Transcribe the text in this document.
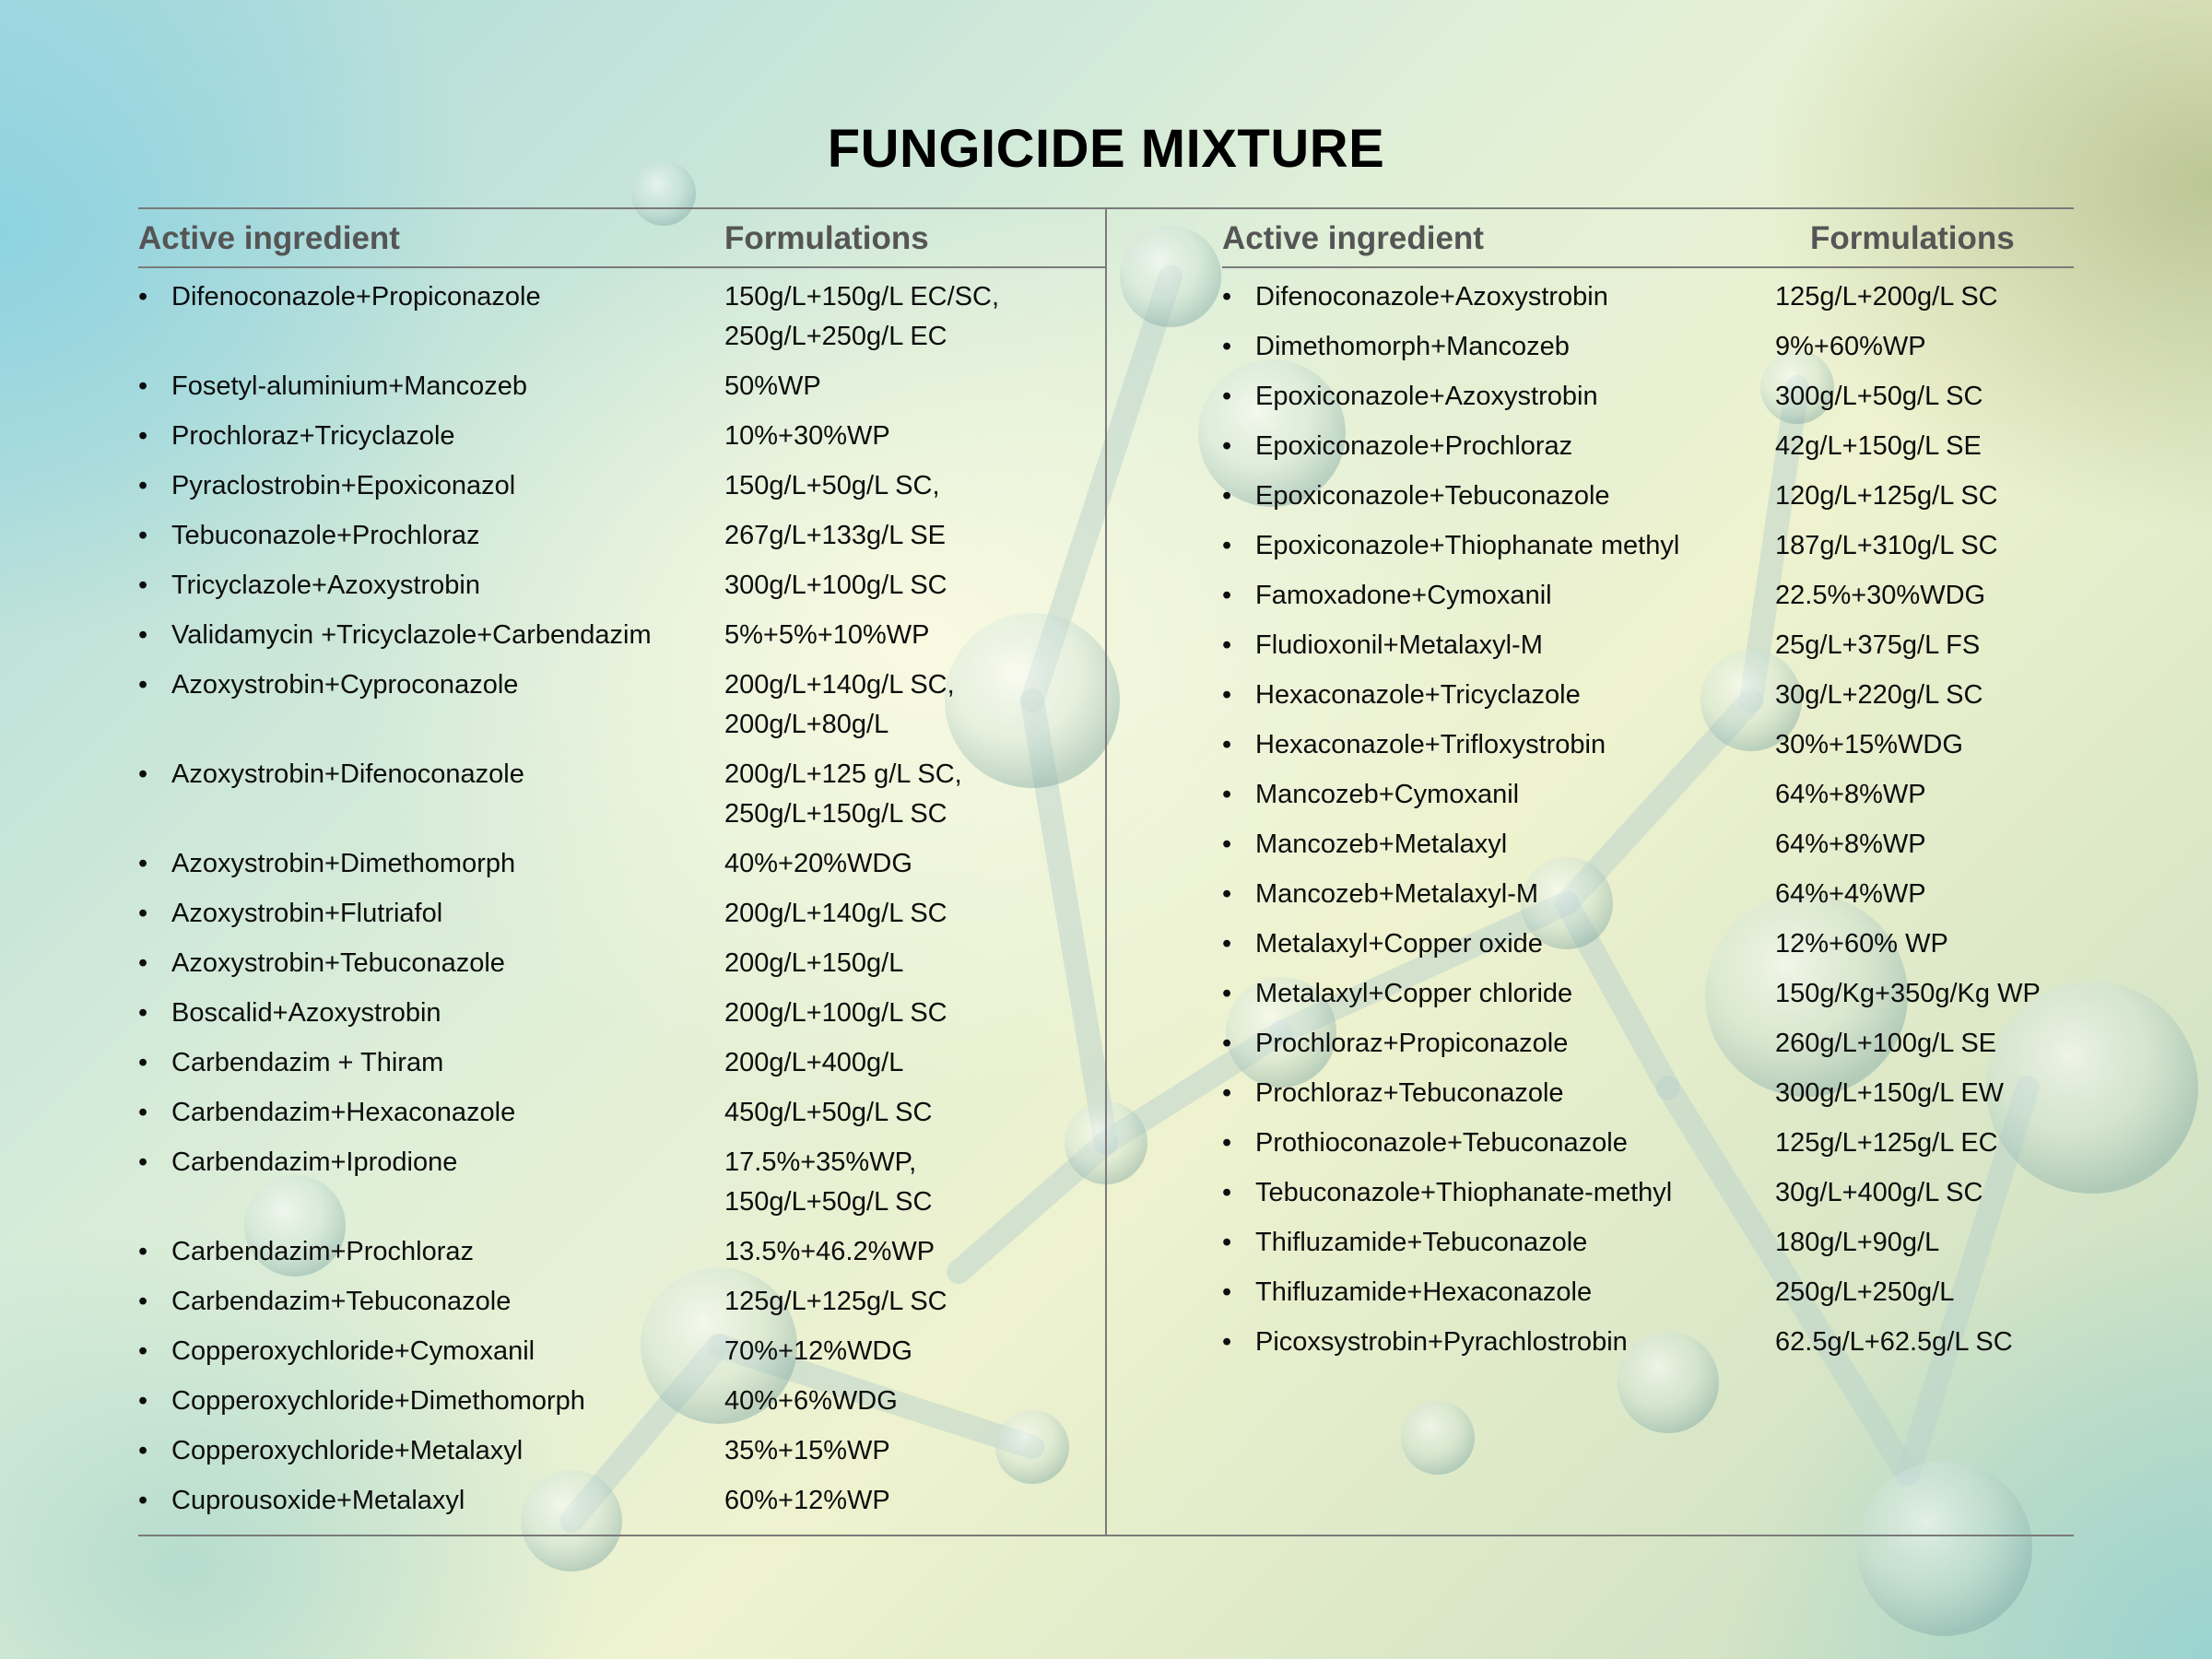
FUNGICIDE MIXTURE
Active ingredient	Formulations
• Difenoconazole+Propiconazole	150g/L+150g/L EC/SC,
250g/L+250g/L EC
• Fosetyl-aluminium+Mancozeb	50%WP
• Prochloraz+Tricyclazole	10%+30%WP
• Pyraclostrobin+Epoxiconazol	150g/L+50g/L SC,
• Tebuconazole+Prochloraz	267g/L+133g/L SE
• Tricyclazole+Azoxystrobin	300g/L+100g/L SC
• Validamycin +Tricyclazole+Carbendazim	5%+5%+10%WP
• Azoxystrobin+Cyproconazole	200g/L+140g/L SC,
200g/L+80g/L
• Azoxystrobin+Difenoconazole	200g/L+125 g/L SC,
250g/L+150g/L SC
• Azoxystrobin+Dimethomorph	40%+20%WDG
• Azoxystrobin+Flutriafol	200g/L+140g/L SC
• Azoxystrobin+Tebuconazole	200g/L+150g/L
• Boscalid+Azoxystrobin	200g/L+100g/L SC
• Carbendazim + Thiram	200g/L+400g/L
• Carbendazim+Hexaconazole	450g/L+50g/L SC
• Carbendazim+Iprodione	17.5%+35%WP,
150g/L+50g/L SC
• Carbendazim+Prochloraz	13.5%+46.2%WP
• Carbendazim+Tebuconazole	125g/L+125g/L SC
• Copperoxychloride+Cymoxanil	70%+12%WDG
• Copperoxychloride+Dimethomorph	40%+6%WDG
• Copperoxychloride+Metalaxyl	35%+15%WP
• Cuprousoxide+Metalaxyl	60%+12%WP
Active ingredient	Formulations
• Difenoconazole+Azoxystrobin	125g/L+200g/L SC
• Dimethomorph+Mancozeb	9%+60%WP
• Epoxiconazole+Azoxystrobin	300g/L+50g/L SC
• Epoxiconazole+Prochloraz	42g/L+150g/L SE
• Epoxiconazole+Tebuconazole	120g/L+125g/L SC
• Epoxiconazole+Thiophanate methyl	187g/L+310g/L SC
• Famoxadone+Cymoxanil	22.5%+30%WDG
• Fludioxonil+Metalaxyl-M	25g/L+375g/L FS
• Hexaconazole+Tricyclazole	30g/L+220g/L SC
• Hexaconazole+Trifloxystrobin	30%+15%WDG
• Mancozeb+Cymoxanil	64%+8%WP
• Mancozeb+Metalaxyl	64%+8%WP
• Mancozeb+Metalaxyl-M	64%+4%WP
• Metalaxyl+Copper oxide	12%+60% WP
• Metalaxyl+Copper chloride	150g/Kg+350g/Kg WP
• Prochloraz+Propiconazole	260g/L+100g/L SE
• Prochloraz+Tebuconazole	300g/L+150g/L EW
• Prothioconazole+Tebuconazole	125g/L+125g/L EC
• Tebuconazole+Thiophanate-methyl	30g/L+400g/L SC
• Thifluzamide+Tebuconazole	180g/L+90g/L
• Thifluzamide+Hexaconazole	250g/L+250g/L
• Picoxsystrobin+Pyrachlostrobin	62.5g/L+62.5g/L SC
